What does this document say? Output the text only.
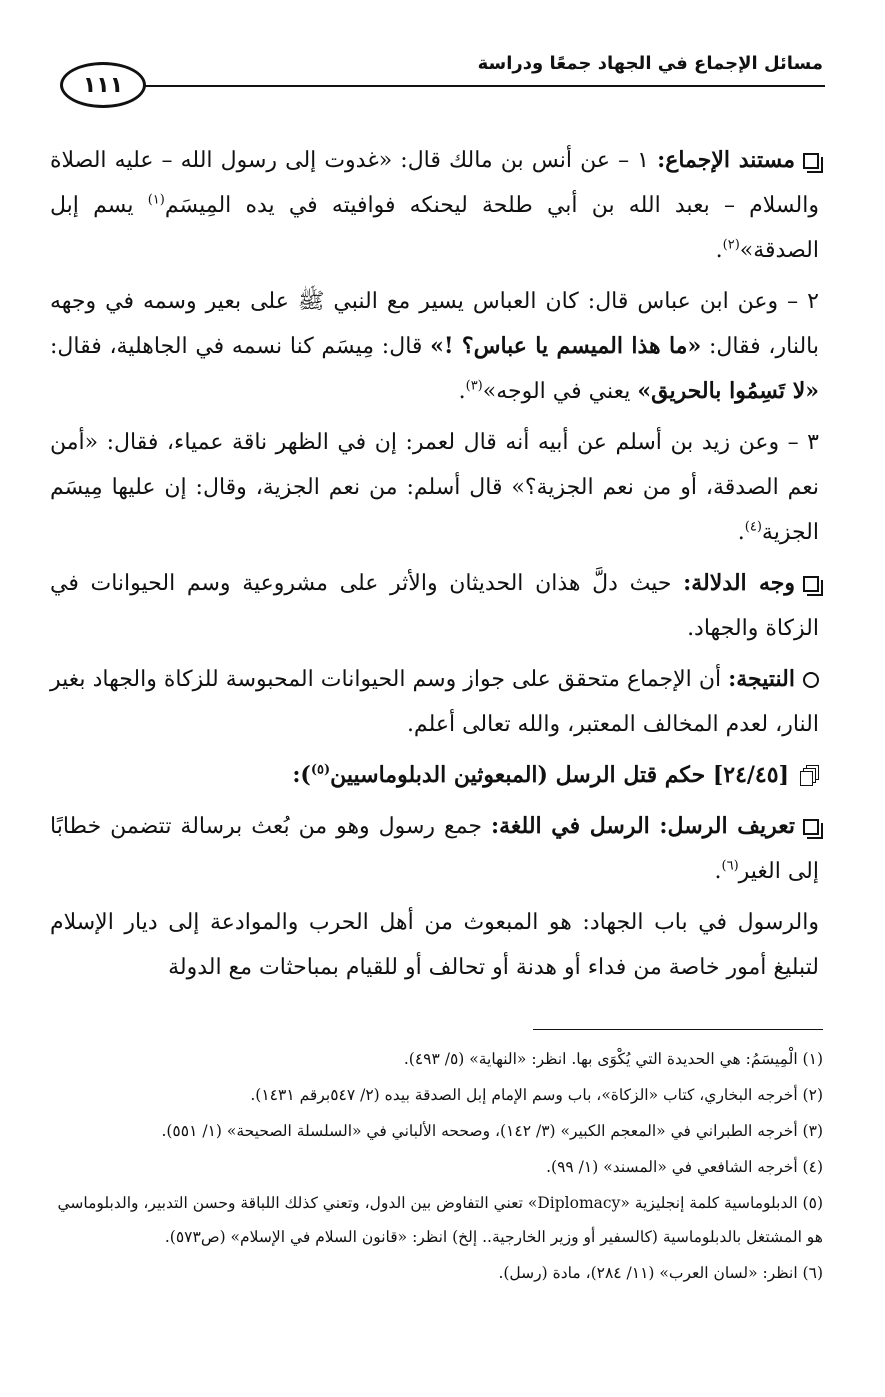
مسائل الإجماع في الجهاد جمعًا ودراسة
١١١

مستند الإجماع: ١ – عن أنس بن مالك قال: «غدوت إلى رسول الله – عليه الصلاة والسلام – بعبد الله بن أبي طلحة ليحنكه فوافيته في يده المِيسَم$^{(١)}$ يسم إبل الصدقة»$^{(٢)}$.

٢ – وعن ابن عباس قال: كان العباس يسير مع النبي ﷺ على بعير وسمه في وجهه بالنار، فقال: «ما هذا الميسم يا عباس؟ !» قال: مِيسَم كنا نسمه في الجاهلية، فقال: «لا تَسِمُوا بالحريق» يعني في الوجه»$^{(٣)}$.

٣ – وعن زيد بن أسلم عن أبيه أنه قال لعمر: إن في الظهر ناقة عمياء، فقال: «أمن نعم الصدقة، أو من نعم الجزية؟» قال أسلم: من نعم الجزية، وقال: إن عليها مِيسَم الجزية$^{(٤)}$.

وجه الدلالة: حيث دلَّ هذان الحديثان والأثر على مشروعية وسم الحيوانات في الزكاة والجهاد.

النتيجة: أن الإجماع متحقق على جواز وسم الحيوانات المحبوسة للزكاة والجهاد بغير النار، لعدم المخالف المعتبر، والله تعالى أعلم.

[٢٤/٤٥] حكم قتل الرسل (المبعوثين الدبلوماسيين$^{(٥)}$):

تعريف الرسل: الرسل في اللغة: جمع رسول وهو من بُعث برسالة تتضمن خطابًا إلى الغير$^{(٦)}$.

والرسول في باب الجهاد: هو المبعوث من أهل الحرب والموادعة إلى ديار الإسلام لتبليغ أمور خاصة من فداء أو هدنة أو تحالف أو للقيام بمباحثات مع الدولة

(١) الْمِيسَمُ: هي الحديدة التي يُكْوَى بها. انظر: «النهاية» (٥/ ٤٩٣).

(٢) أخرجه البخاري، كتاب «الزكاة»، باب وسم الإمام إبل الصدقة بيده (٢/ ٥٤٧برقم ١٤٣١).

(٣) أخرجه الطبراني في «المعجم الكبير» (٣/ ١٤٢)، وصححه الألباني في «السلسلة الصحيحة» (١/ ٥٥١).

(٤) أخرجه الشافعي في «المسند» (١/ ٩٩).

(٥) الدبلوماسية كلمة إنجليزية «Diplomacy» تعني التفاوض بين الدول، وتعني كذلك اللباقة وحسن التدبير، والدبلوماسي هو المشتغل بالدبلوماسية (كالسفير أو وزير الخارجية.. إلخ) انظر: «قانون السلام في الإسلام» (ص٥٧٣).

(٦) انظر: «لسان العرب» (١١/ ٢٨٤)، مادة (رسل).
